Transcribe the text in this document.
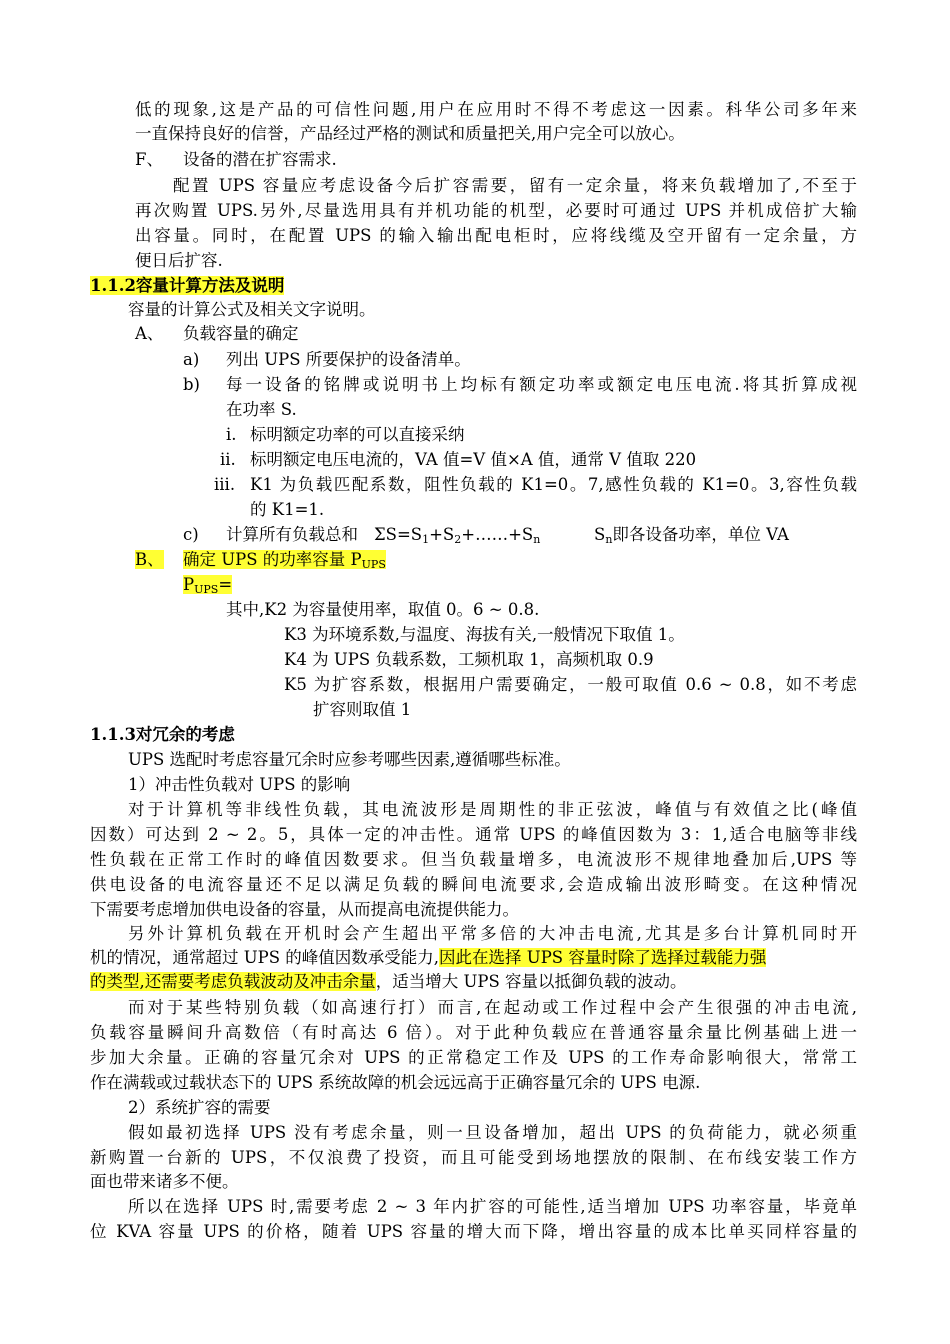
低的现象,这是产品的可信性问题,用户在应用时不得不考虑这一因素。科华公司多年来
一直保持良好的信誉，产品经过严格的测试和质量把关,用户完全可以放心。
F、 设备的潜在扩容需求.
配置 UPS 容量应考虑设备今后扩容需要，留有一定余量，将来负载增加了,不至于
再次购置 UPS.另外,尽量选用具有并机功能的机型，必要时可通过 UPS 并机成倍扩大输
出容量。同时，在配置 UPS 的输入输出配电柜时，应将线缆及空开留有一定余量，方
便日后扩容.
1.1.2容量计算方法及说明
容量的计算公式及相关文字说明。
A、 负载容量的确定
a) 列出 UPS 所要保护的设备清单。
b) 每一设备的铭牌或说明书上均标有额定功率或额定电压电流.将其折算成视
在功率 S.
i. 标明额定功率的可以直接采纳
ii. 标明额定电压电流的，VA 值=V 值×A 值，通常 V 值取 220
iii. K1 为负载匹配系数，阻性负载的 K1=0。7,感性负载的 K1=0。3,容性负载
的 K1=1.
c) 计算所有负载总和 $\Sigma S=S_1+S_2+\dots\dots+S_n$	$S_n$即各设备功率，单位 VA
B、 确定 UPS 的功率容量 $P_{UPS}$
$P_{UPS}=$
其中,K2 为容量使用率，取值 0。6 ~ 0.8.
K3 为环境系数,与温度、海拔有关,一般情况下取值 1。
K4 为 UPS 负载系数，工频机取 1，高频机取 0.9
K5 为扩容系数，根据用户需要确定，一般可取值 0.6 ~ 0.8，如不考虑
扩容则取值 1
1.1.3对冗余的考虑
UPS 选配时考虑容量冗余时应参考哪些因素,遵循哪些标准。
1）冲击性负载对 UPS 的影响
对于计算机等非线性负载，其电流波形是周期性的非正弦波，峰值与有效值之比(峰值
因数）可达到 2 ~ 2。5，具体一定的冲击性。通常 UPS 的峰值因数为 3：1,适合电脑等非线
性负载在正常工作时的峰值因数要求。但当负载量增多，电流波形不规律地叠加后,UPS 等
供电设备的电流容量还不足以满足负载的瞬间电流要求,会造成输出波形畸变。在这种情况
下需要考虑增加供电设备的容量，从而提高电流提供能力。
另外计算机负载在开机时会产生超出平常多倍的大冲击电流,尤其是多台计算机同时开
机的情况，通常超过 UPS 的峰值因数承受能力,因此在选择 UPS 容量时除了选择过载能力强
的类型,还需要考虑负载波动及冲击余量，适当增大 UPS 容量以抵御负载的波动。
而对于某些特别负载（如高速行打）而言,在起动或工作过程中会产生很强的冲击电流,
负载容量瞬间升高数倍（有时高达 6 倍）。对于此种负载应在普通容量余量比例基础上进一
步加大余量。正确的容量冗余对 UPS 的正常稳定工作及 UPS 的工作寿命影响很大，常常工
作在满载或过载状态下的 UPS 系统故障的机会远远高于正确容量冗余的 UPS 电源.
2）系统扩容的需要
假如最初选择 UPS 没有考虑余量，则一旦设备增加，超出 UPS 的负荷能力，就必须重
新购置一台新的 UPS，不仅浪费了投资，而且可能受到场地摆放的限制、在布线安装工作方
面也带来诸多不便。
所以在选择 UPS 时,需要考虑 2 ~ 3 年内扩容的可能性,适当增加 UPS 功率容量，毕竟单
位 KVA 容量 UPS 的价格，随着 UPS 容量的增大而下降，增出容量的成本比单买同样容量的
